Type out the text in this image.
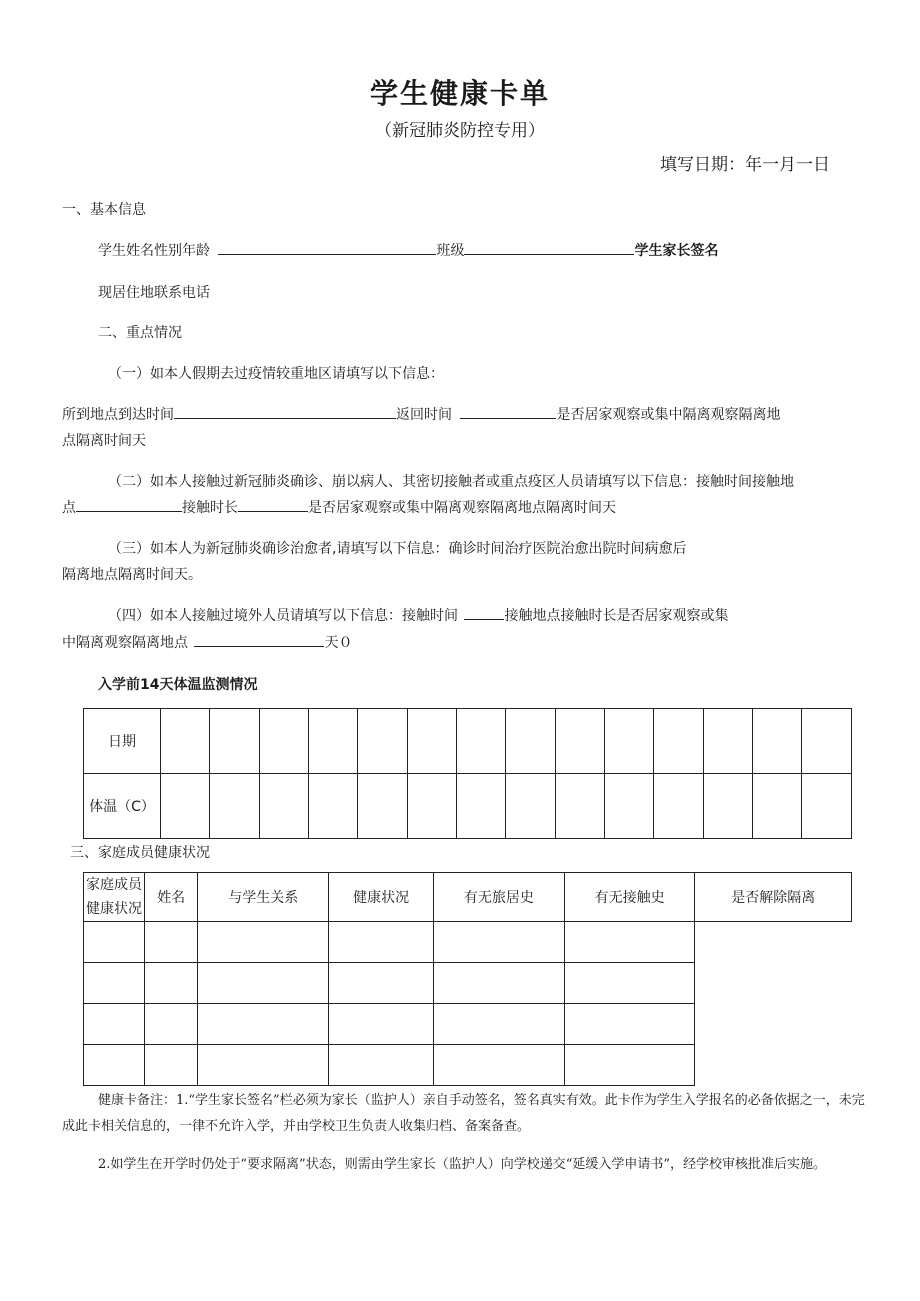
学生健康卡单
（新冠肺炎防控专用）
填写日期：年一月一日
一、基本信息
学生姓名性别年龄	班级	学生家长签名
现居住地联系电话
二、重点情况
（一）如本人假期去过疫情较重地区请填写以下信息：
所到地点到达时间	返回时间	是否居家观察或集中隔离观察隔离地
点隔离时间天
（二）如本人接触过新冠肺炎确诊、崩以病人、其密切接触者或重点疫区人员请填写以下信息：接触时间接触地
点	接触时长	是否居家观察或集中隔离观察隔离地点隔离时间天
（三）如本人为新冠肺炎确诊治愈者,请填写以下信息：确诊时间治疗医院治愈出院时间病愈后
隔离地点隔离时间天。
（四）如本人接触过境外人员请填写以下信息：接触时间	接触地点接触时长是否居家观察或集
中隔离观察隔离地点	天０
入学前14天体温监测情况
日期														
体温（C）														
三、家庭成员健康状况
家庭成员
健康状况	姓名	与学生关系	健康状况	有无旅居史	有无接触史	是否解除隔离

健康卡备注：1.“学生家长签名”栏必须为家长（监护人）亲自手动签名，签名真实有效。此卡作为学生入学报名的必备依据之一，未完成此卡相关信息的，一律不允许入学，并由学校卫生负责人收集归档、备案备查。
2.如学生在开学时仍处于“要求隔离”状态，则需由学生家长（监护人）向学校递交“延缓入学申请书”，经学校审核批准后实施。
